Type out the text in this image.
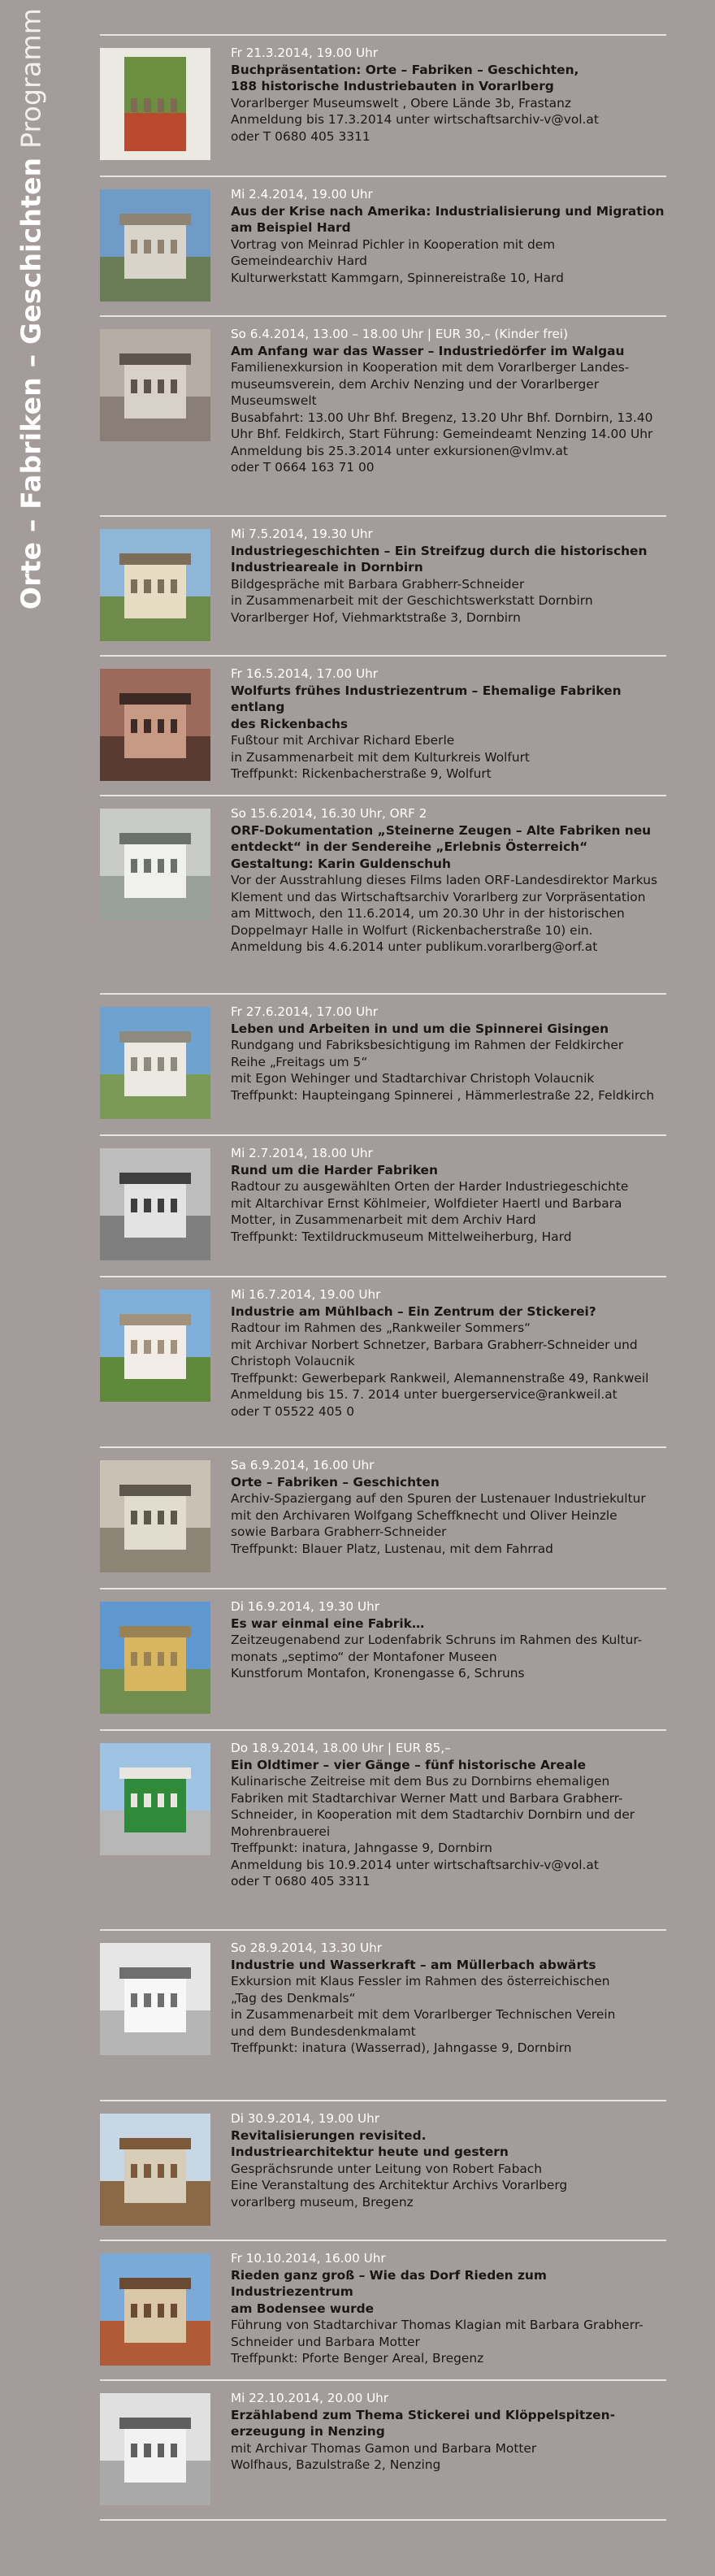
Orte – Fabriken – Geschichten Programm	Fr 21.3.2014, 19.00 Uhr
Buchpräsentation: Orte – Fabriken – Geschichten,
188 historische Industriebauten in Vorarlberg
Vorarlberger Museumswelt , Obere Lände 3b, Frastanz
Anmeldung bis 17.3.2014 unter wirtschaftsarchiv-v@vol.at
oder T 0680 405 3311
Mi 2.4.2014, 19.00 Uhr
Aus der Krise nach Amerika: Industrialisierung und Migration
am Beispiel Hard
Vortrag von Meinrad Pichler in Kooperation mit dem
Gemeindearchiv Hard
Kulturwerkstatt Kammgarn, Spinnereistraße 10, Hard
So 6.4.2014, 13.00 – 18.00 Uhr | EUR 30,– (Kinder frei)
Am Anfang war das Wasser – Industriedörfer im Walgau
Familienexkursion in Kooperation mit dem Vorarlberger Landes-
museumsverein, dem Archiv Nenzing und der Vorarlberger
Museumswelt
Busabfahrt: 13.00 Uhr Bhf. Bregenz, 13.20 Uhr Bhf. Dornbirn, 13.40
Uhr Bhf. Feldkirch, Start Führung: Gemeindeamt Nenzing 14.00 Uhr
Anmeldung bis 25.3.2014 unter exkursionen@vlmv.at
oder T 0664 163 71 00
Mi 7.5.2014, 19.30 Uhr
Industriegeschichten – Ein Streifzug durch die historischen
Industrieareale in Dornbirn
Bildgespräche mit Barbara Grabherr-Schneider
in Zusammenarbeit mit der Geschichtswerkstatt Dornbirn
Vorarlberger Hof, Viehmarktstraße 3, Dornbirn
Fr 16.5.2014, 17.00 Uhr
Wolfurts frühes Industriezentrum – Ehemalige Fabriken entlang
des Rickenbachs
Fußtour mit Archivar Richard Eberle
in Zusammenarbeit mit dem Kulturkreis Wolfurt
Treffpunkt: Rickenbacherstraße 9, Wolfurt
So 15.6.2014, 16.30 Uhr, ORF 2
ORF-Dokumentation „Steinerne Zeugen – Alte Fabriken neu
entdeckt“ in der Sendereihe „Erlebnis Österreich“
Gestaltung: Karin Guldenschuh
Vor der Ausstrahlung dieses Films laden ORF-Landesdirektor Markus
Klement und das Wirtschaftsarchiv Vorarlberg zur Vorpräsentation
am Mittwoch, den 11.6.2014, um 20.30 Uhr in der historischen
Doppelmayr Halle in Wolfurt (Rickenbacherstraße 10) ein.
Anmeldung bis 4.6.2014 unter publikum.vorarlberg@orf.at
Fr 27.6.2014, 17.00 Uhr
Leben und Arbeiten in und um die Spinnerei Gisingen
Rundgang und Fabriksbesichtigung im Rahmen der Feldkircher
Reihe „Freitags um 5“
mit Egon Wehinger und Stadtarchivar Christoph Volaucnik
Treffpunkt: Haupteingang Spinnerei , Hämmerlestraße 22, Feldkirch
Mi 2.7.2014, 18.00 Uhr
Rund um die Harder Fabriken
Radtour zu ausgewählten Orten der Harder Industriegeschichte
mit Altarchivar Ernst Köhlmeier, Wolfdieter Haertl und Barbara
Motter, in Zusammenarbeit mit dem Archiv Hard
Treffpunkt: Textildruckmuseum Mittelweiherburg, Hard
Mi 16.7.2014, 19.00 Uhr
Industrie am Mühlbach – Ein Zentrum der Stickerei?
Radtour im Rahmen des „Rankweiler Sommers“
mit Archivar Norbert Schnetzer, Barbara Grabherr-Schneider und
Christoph Volaucnik
Treffpunkt: Gewerbepark Rankweil, Alemannenstraße 49, Rankweil
Anmeldung bis 15. 7. 2014 unter buergerservice@rankweil.at
oder T 05522 405 0
Sa 6.9.2014, 16.00 Uhr
Orte – Fabriken – Geschichten
Archiv-Spaziergang auf den Spuren der Lustenauer Industriekultur
mit den Archivaren Wolfgang Scheffknecht und Oliver Heinzle
sowie Barbara Grabherr-Schneider
Treffpunkt: Blauer Platz, Lustenau, mit dem Fahrrad
Di 16.9.2014, 19.30 Uhr
Es war einmal eine Fabrik…
Zeitzeugenabend zur Lodenfabrik Schruns im Rahmen des Kultur-
monats „septimo“ der Montafoner Museen
Kunstforum Montafon, Kronengasse 6, Schruns
Do 18.9.2014, 18.00 Uhr | EUR 85,–
Ein Oldtimer – vier Gänge – fünf historische Areale
Kulinarische Zeitreise mit dem Bus zu Dornbirns ehemaligen
Fabriken mit Stadtarchivar Werner Matt und Barbara Grabherr-
Schneider, in Kooperation mit dem Stadtarchiv Dornbirn und der
Mohrenbrauerei
Treffpunkt: inatura, Jahngasse 9, Dornbirn
Anmeldung bis 10.9.2014 unter wirtschaftsarchiv-v@vol.at
oder T 0680 405 3311
So 28.9.2014, 13.30 Uhr
Industrie und Wasserkraft – am Müllerbach abwärts
Exkursion mit Klaus Fessler im Rahmen des österreichischen
„Tag des Denkmals“
in Zusammenarbeit mit dem Vorarlberger Technischen Verein
und dem Bundesdenkmalamt
Treffpunkt: inatura (Wasserrad), Jahngasse 9, Dornbirn
Di 30.9.2014, 19.00 Uhr
Revitalisierungen revisited.
Industriearchitektur heute und gestern
Gesprächsrunde unter Leitung von Robert Fabach
Eine Veranstaltung des Architektur Archivs Vorarlberg
vorarlberg museum, Bregenz
Fr 10.10.2014, 16.00 Uhr
Rieden ganz groß – Wie das Dorf Rieden zum Industriezentrum
am Bodensee wurde
Führung von Stadtarchivar Thomas Klagian mit Barbara Grabherr-
Schneider und Barbara Motter
Treffpunkt: Pforte Benger Areal, Bregenz
Mi 22.10.2014, 20.00 Uhr
Erzählabend zum Thema Stickerei und Klöppelspitzen-
erzeugung in Nenzing
mit Archivar Thomas Gamon und Barbara Motter
Wolfhaus, Bazulstraße 2, Nenzing
